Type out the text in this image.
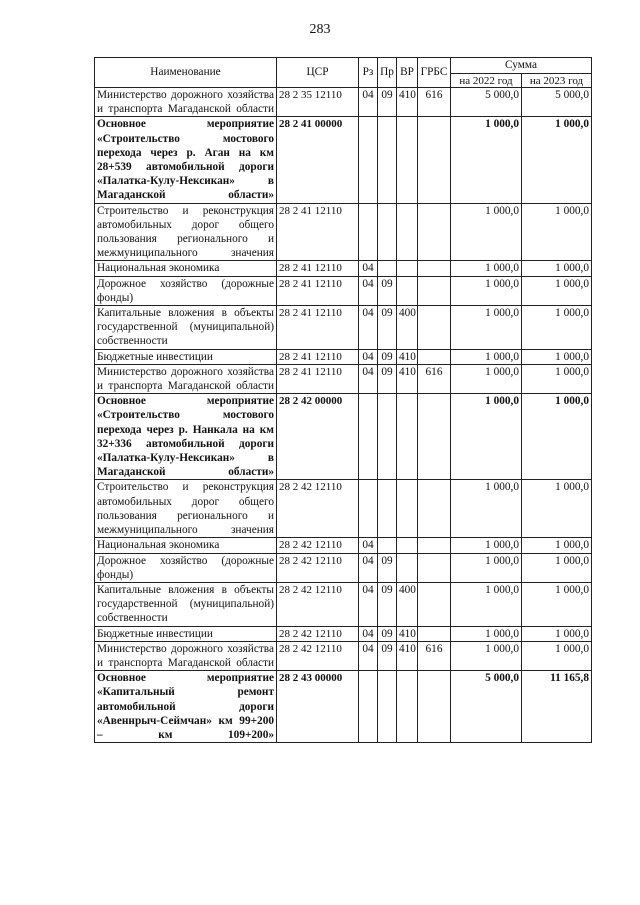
283
Наименование	ЦСР	Рз	Пр	ВР	ГРБС	Сумма	
						на 2022 год	на 2023 год
Министерство дорожного хозяйства и транспорта Магаданской области	28 2 35 12110	04	09	410	616	5 000,0	5 000,0
Основное мероприятие «Строительство мостового перехода через р. Аган на км 28+539 автомобильной дороги «Палатка-Кулу-Нексикан» в Магаданской области»	28 2 41 00000					1 000,0	1 000,0
Строительство и реконструкция автомобильных дорог общего пользования регионального и межмуниципального значения	28 2 41 12110					1 000,0	1 000,0
Национальная экономика	28 2 41 12110	04				1 000,0	1 000,0
Дорожное хозяйство (дорожные фонды)	28 2 41 12110	04	09			1 000,0	1 000,0
Капитальные вложения в объекты государственной (муниципальной) собственности	28 2 41 12110	04	09	400		1 000,0	1 000,0
Бюджетные инвестиции	28 2 41 12110	04	09	410		1 000,0	1 000,0
Министерство дорожного хозяйства и транспорта Магаданской области	28 2 41 12110	04	09	410	616	1 000,0	1 000,0
Основное мероприятие «Строительство мостового перехода через р. Нанкала на км 32+336 автомобильной дороги «Палатка-Кулу-Нексикан» в Магаданской области»	28 2 42 00000					1 000,0	1 000,0
Строительство и реконструкция автомобильных дорог общего пользования регионального и межмуниципального значения	28 2 42 12110					1 000,0	1 000,0
Национальная экономика	28 2 42 12110	04				1 000,0	1 000,0
Дорожное хозяйство (дорожные фонды)	28 2 42 12110	04	09			1 000,0	1 000,0
Капитальные вложения в объекты государственной (муниципальной) собственности	28 2 42 12110	04	09	400		1 000,0	1 000,0
Бюджетные инвестиции	28 2 42 12110	04	09	410		1 000,0	1 000,0
Министерство дорожного хозяйства и транспорта Магаданской области	28 2 42 12110	04	09	410	616	1 000,0	1 000,0
Основное мероприятие «Капитальный ремонт автомобильной дороги «Авеннрыч-Сеймчан» км 99+200 – км 109+200»	28 2 43 00000					5 000,0	11 165,8
